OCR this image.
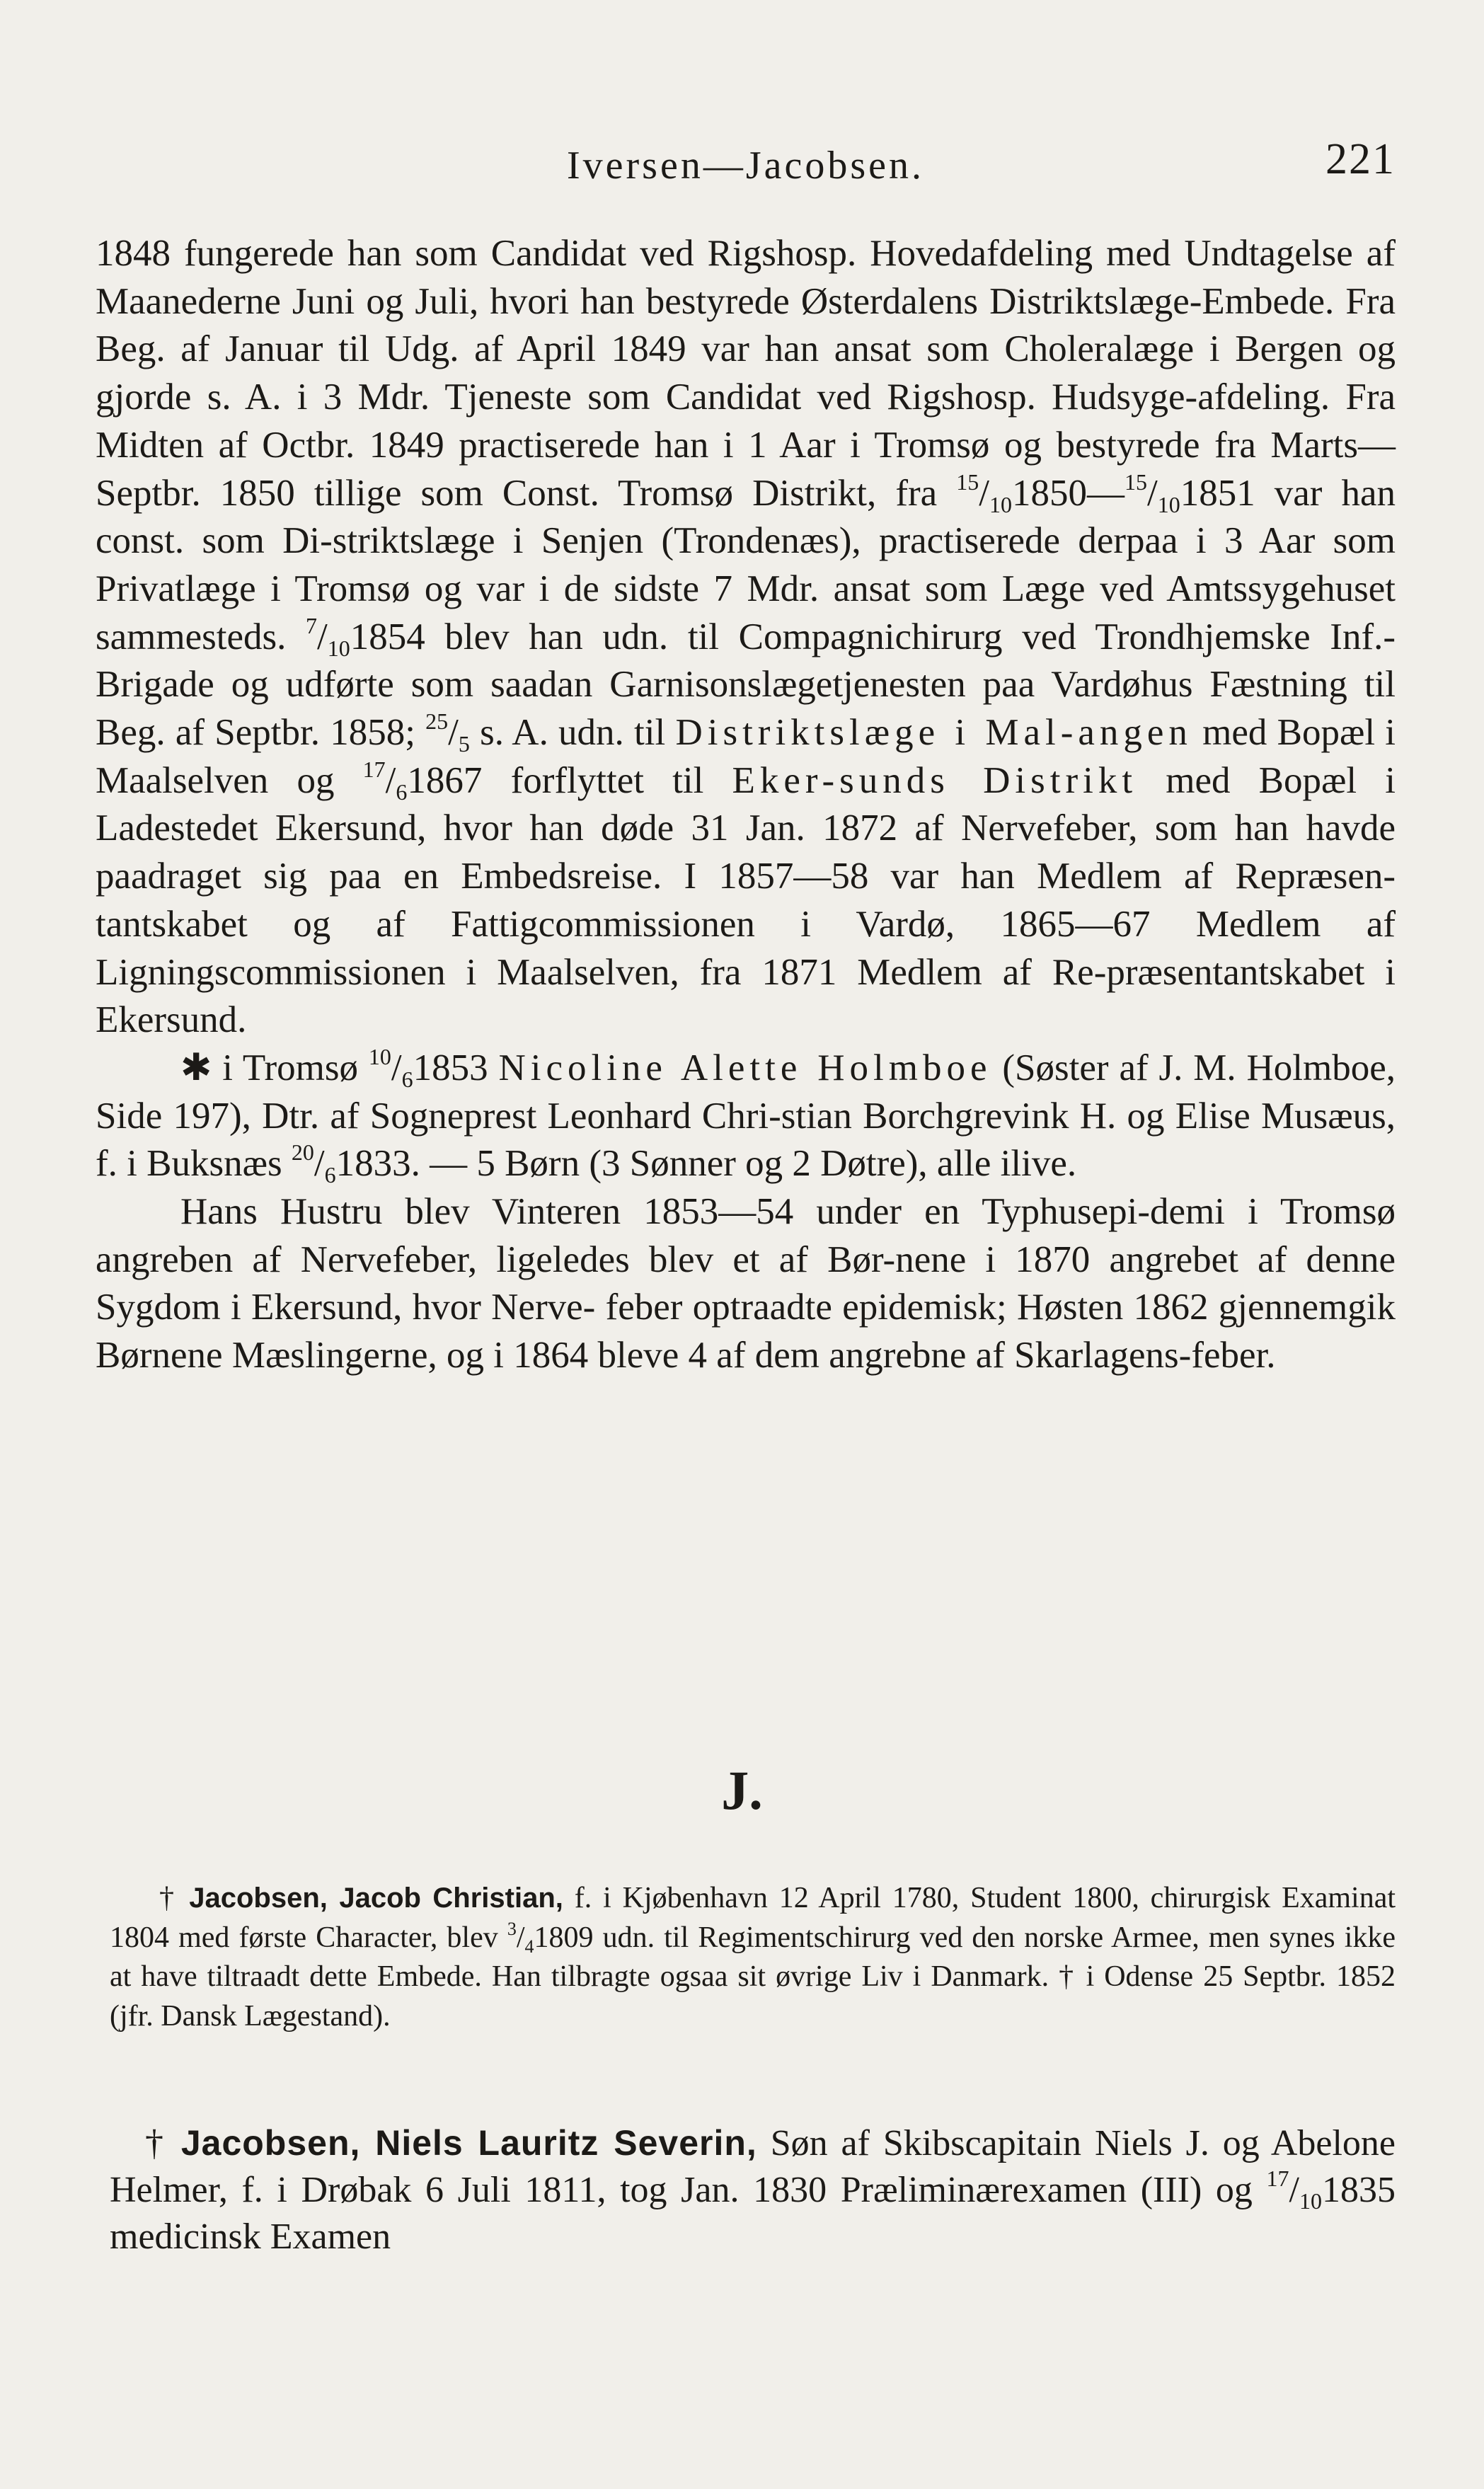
Iversen—Jacobsen.	221

1848 fungerede han som Candidat ved Rigshosp. Hovedafdeling med Undtagelse af Maanederne Juni og Juli, hvori han bestyrede Østerdalens Distriktslæge-Embede. Fra Beg. af Januar til Udg. af April 1849 var han ansat som Choleralæge i Bergen og gjorde s. A. i 3 Mdr. Tjeneste som Candidat ved Rigshosp. Hudsyge-afdeling. Fra Midten af Octbr. 1849 practiserede han i 1 Aar i Tromsø og bestyrede fra Marts—Septbr. 1850 tillige som Const. Tromsø Distrikt, fra $^{15}/_{10}1850—^{15}/_{10}1851$ var han const. som Di-striktslæge i Senjen (Trondenæs), practiserede derpaa i 3 Aar som Privatlæge i Tromsø og var i de sidste 7 Mdr. ansat som Læge ved Amtssygehuset sammesteds. $^7/_{10}1854$ blev han udn. til Compagnichirurg ved Trondhjemske Inf.-Brigade og udførte som saadan Garnisonslægetjenesten paa Vardøhus Fæstning til Beg. af Septbr. 1858; $^{25}/_5$ s. A. udn. til Distriktslæge i Mal-angen med Bopæl i Maalselven og $^{17}/_61867$ forflyttet til Eker-sunds Distrikt med Bopæl i Ladestedet Ekersund, hvor han døde 31 Jan. 1872 af Nervefeber, som han havde paadraget sig paa en Embedsreise. I 1857—58 var han Medlem af Repræsen-tantskabet og af Fattigcommissionen i Vardø, 1865—67 Medlem af Ligningscommissionen i Maalselven, fra 1871 Medlem af Re-præsentantskabet i Ekersund.

✱ i Tromsø $^{10}/_61853$ Nicoline Alette Holmboe (Søster af J. M. Holmboe, Side 197), Dtr. af Sogneprest Leonhard Chri-stian Borchgrevink H. og Elise Musæus, f. i Buksnæs $^{20}/_61833$. — 5 Børn (3 Sønner og 2 Døtre), alle ilive.

Hans Hustru blev Vinteren 1853—54 under en Typhusepi-demi i Tromsø angreben af Nervefeber, ligeledes blev et af Bør-nene i 1870 angrebet af denne Sygdom i Ekersund, hvor Nerve- feber optraadte epidemisk; Høsten 1862 gjennemgik Børnene Mæslingerne, og i 1864 bleve 4 af dem angrebne af Skarlagens-feber.

J.

† Jacobsen, Jacob Christian, f. i Kjøbenhavn 12 April 1780, Student 1800, chirurgisk Examinat 1804 med første Character, blev $^3/_41809$ udn. til Regimentschirurg ved den norske Armee, men synes ikke at have tiltraadt dette Embede. Han tilbragte ogsaa sit øvrige Liv i Danmark. † i Odense 25 Septbr. 1852 (jfr. Dansk Lægestand).

† Jacobsen, Niels Lauritz Severin, Søn af Skibscapitain Niels J. og Abelone Helmer, f. i Drøbak 6 Juli 1811, tog Jan. 1830 Præliminærexamen (III) og $^{17}/_{10}1835$ medicinsk Examen
